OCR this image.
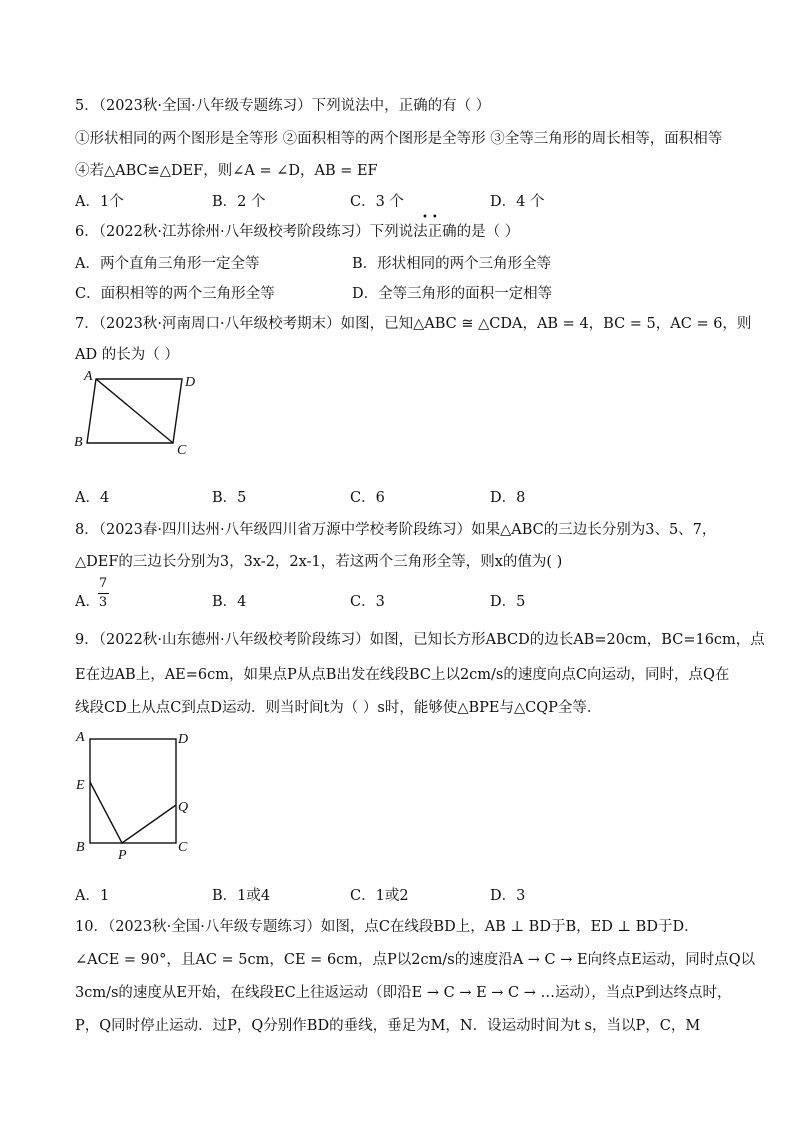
5．（2023秋·全国·八年级专题练习）下列说法中，正确的有（ ）
①形状相同的两个图形是全等形 ②面积相等的两个图形是全等形 ③全等三角形的周长相等，面积相等
④若△ABC≌△DEF，则∠A = ∠D，AB = EF
A．1个	B．2 个	C．3 个	D．4 个
••
6．（2022秋·江苏徐州·八年级校考阶段练习）下列说法正确的是（ ）
A．两个直角三角形一定全等	B．形状相同的两个三角形全等
C．面积相等的两个三角形全等	D．全等三角形的面积一定相等
7．（2023秋·河南周口·八年级校考期末）如图，已知△ABC ≅ △CDA，AB = 4，BC = 5，AC = 6，则
AD 的长为（ ）
A	D
B
C
A．4	B．5	C．6	D．8
8．（2023春·四川达州·八年级四川省万源中学校考阶段练习）如果△ABC的三边长分别为3、5、7，
△DEF的三边长分别为3，3x-2，2x-1，若这两个三角形全等，则x的值为( )
A．
7
3	B．4	C．3	D．5
9．（2022秋·山东德州·八年级校考阶段练习）如图，已知长方形ABCD的边长AB=20cm，BC=16cm，点
E在边AB上，AE=6cm，如果点P从点B出发在线段BC上以2cm/s的速度向点C向运动，同时，点Q在
线段CD上从点C到点D运动．则当时间t为（ ）s时，能够使△BPE与△CQP全等．
A	D
E
Q
B
P
C
A．1	B．1或4	C．1或2	D．3
10．（2023秋·全国·八年级专题练习）如图，点C在线段BD上，AB ⊥ BD于B，ED ⊥ BD于D．
∠ACE = 90°，且AC = 5cm，CE = 6cm，点P以2cm/s的速度沿A → C → E向终点E运动，同时点Q以
3cm/s的速度从E开始，在线段EC上往返运动（即沿E → C → E → C → …运动），当点P到达终点时，
P，Q同时停止运动．过P，Q分别作BD的垂线，垂足为M，N．设运动时间为t s，当以P，C，M
